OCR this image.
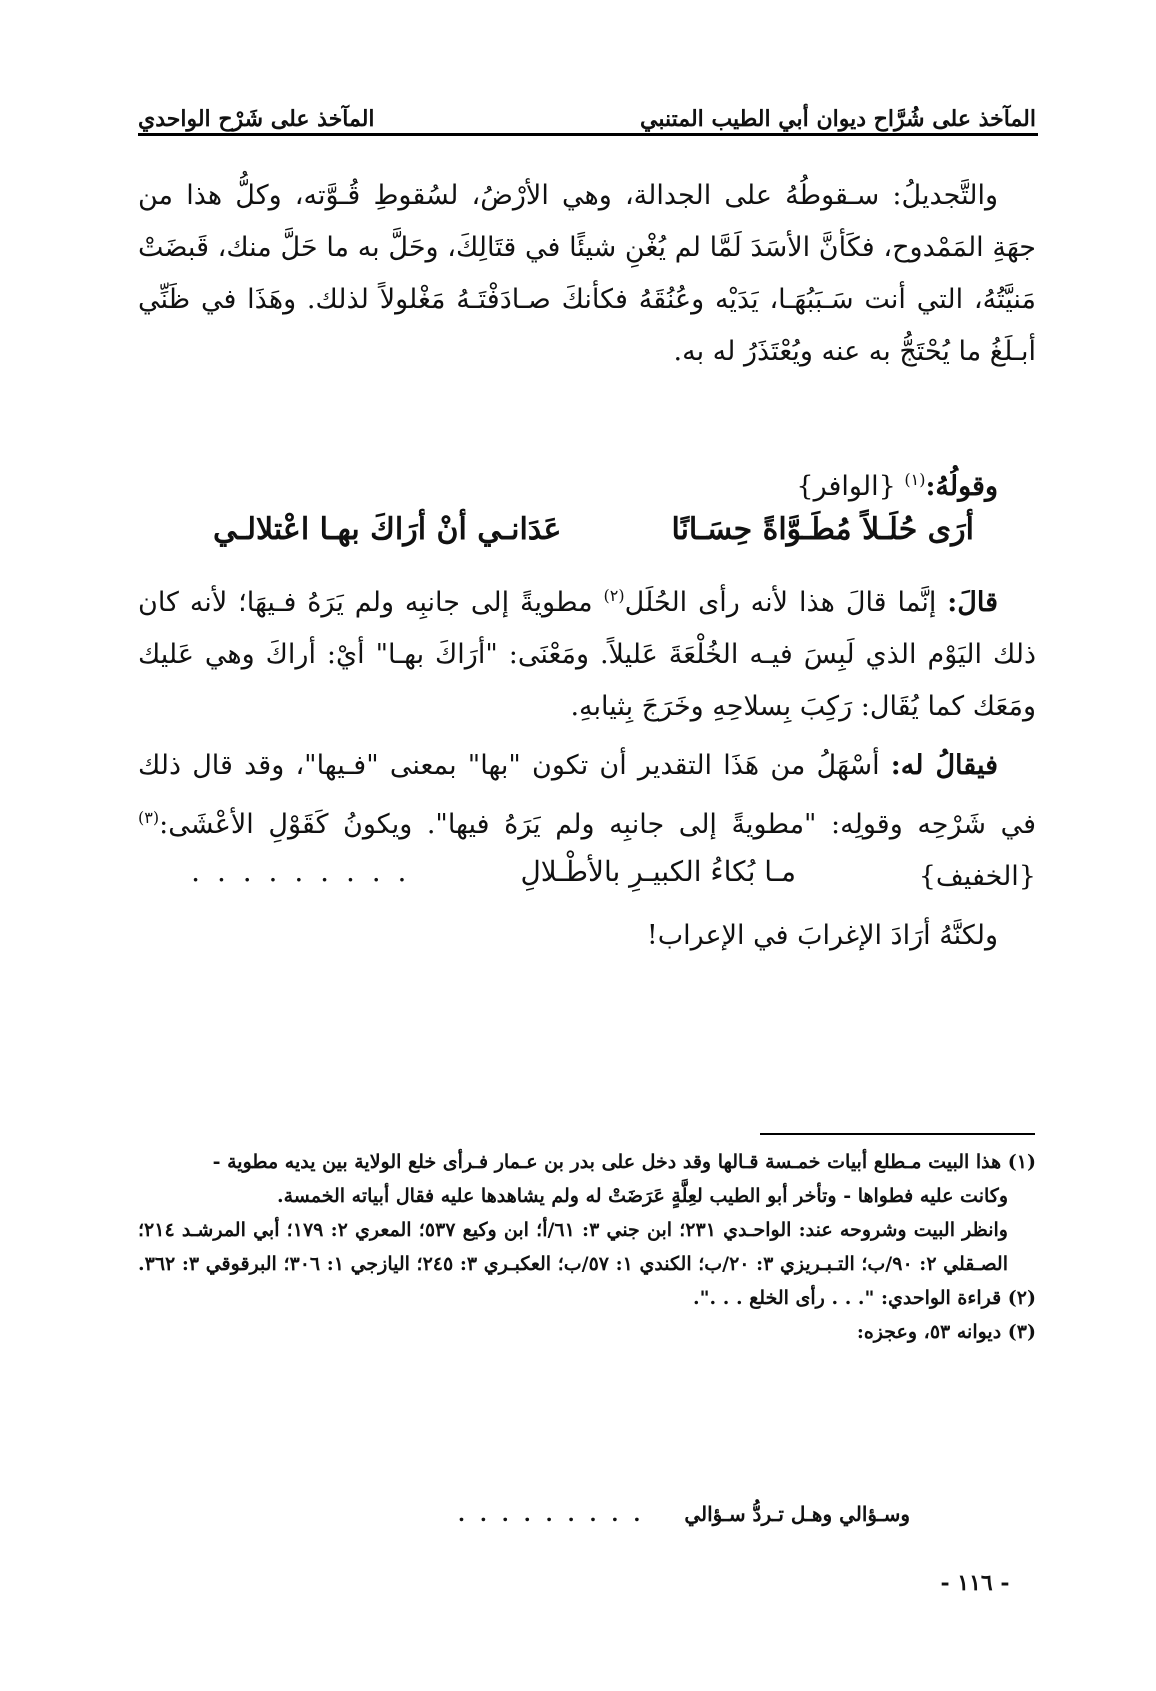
المآخذ على شُرَّاح ديوان أبي الطيب المتنبي
المآخذ على شَرْح الواحدي

والتَّجديلُ: سـقوطُهُ على الجدالة، وهي الأرْضُ، لسُقوطِ قُـوَّته، وكلُّ هذا من جهَةِ المَمْدوح، فكَأنَّ الأسَدَ لَمَّا لم يُغْنِ شيئًا في قتَالِكَ، وحَلَّ به ما حَلَّ منك، قَبضَتْ مَنيَّتُهُ، التي أنت سَـبَبُهَـا، يَدَيْه وعُنُقَهُ فكأنكَ صـادَفْتَـهُ مَغْلولاً لذلك. وهَذَا في ظَنِّي أبـلَغُ ما يُحْتَجُّ به عنه ويُعْتَذَرُ له به.

وقولُهُ:$^{(١)}$ {الوافر}

أرَى حُلَـلاً مُطَـوَّاةً حِسَـانًا
عَدَانـي أنْ أرَاكَ بهـا اعْتلالـي

قالَ: إنَّما قالَ هذا لأنه رأى الحُلَل$^{(٢)}$ مطويةً إلى جانبِه ولم يَرَهُ فـيهَا؛ لأنه كان ذلك اليَوْم الذي لَبِسَ فيـه الخُلْعَةَ عَليلاً. ومَعْنَى: "أرَاكَ بهـا" أيْ: أراكَ وهي عَليك ومَعَك كما يُقَال: رَكِبَ بِسلاحِهِ وخَرَجَ بِثيابهِ.

فيقالُ له: أسْهَلُ من هَذَا التقدير أن تكون "بها" بمعنى "فـيها"، وقد قال ذلك في شَرْحِه وقولِه: "مطويةً إلى جانبِه ولم يَرَهُ فيها". ويكونُ كَقَوْلِ الأعْشَى:$^{(٣)}$ {الخفيف}

مـا بُكاءُ الكبيـرِ بالأطْـلالِ
. . . . . . . . .

ولكنَّهُ أرَادَ الإغرابَ في الإعراب!

(١) هذا البيت مـطلع أبيات خمـسة قـالها وقد دخل على بدر بن عـمار فـرأى خلع الولاية بين يديه مطوية -

وكانت عليه فطواها - وتأخر أبو الطيب لعِلَّةٍ عَرَضَتْ له ولم يشاهدها عليه فقال أبياته الخمسة.

وانظر البيت وشروحه عند: الواحـدي ٢٣١؛ ابن جني ٣: ٦١/أ؛ ابن وكيع ٥٣٧؛ المعري ٢: ١٧٩؛ أبي المرشـد ٢١٤؛ الصـقلي ٢: ٩٠/ب؛ التـبـريزي ٣: ٢٠/ب؛ الكندي ١: ٥٧/ب؛ العكبـري ٣: ٢٤٥؛ اليازجي ١: ٣٠٦؛ البرقوقي ٣: ٣٦٢.

(٢) قراءة الواحدي: ". . . رأى الخلع . . .".

(٣) ديوانه ٥٣، وعجزه:

وسـؤالي وهـل تـردُّ سـؤالي
. . . . . . . . .
- ١١٦ -
